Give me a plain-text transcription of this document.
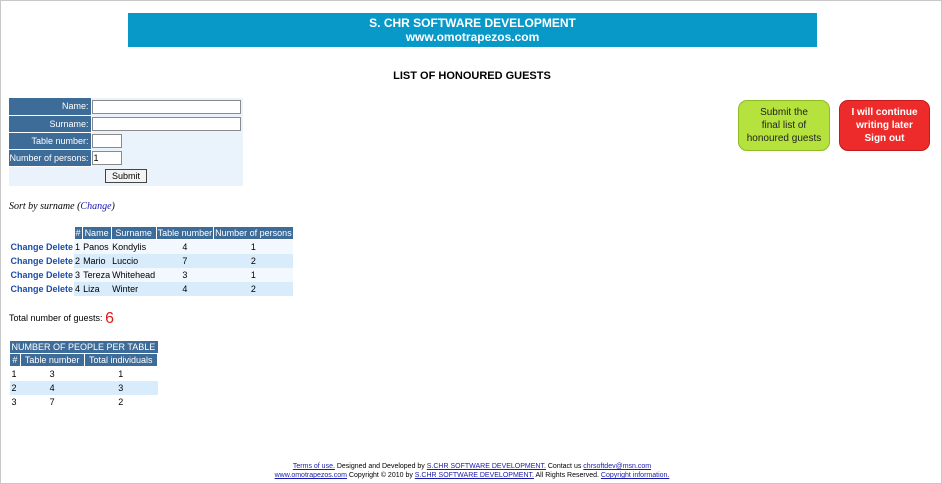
S. CHR SOFTWARE DEVELOPMENT
www.omotrapezos.com
LIST OF HONOURED GUESTS
Name:	
Surname:	
Table number:	
Number of persons:	1
Submit	
Submit the
final list of
honoured guests
I will continue
writing later
Sign out
Sort by surname (Change)
	#	Name	Surname	Table number	Number of persons
Change Delete	1	Panos	Kondylis	4	1
Change Delete	2	Mario	Luccio	7	2
Change Delete	3	Tereza	Whitehead	3	1
Change Delete	4	Liza	Winter	4	2
Total number of guests: 6
NUMBER OF PEOPLE PER TABLE		
#	Table number	Total individuals
1	3	1
2	4	3
3	7	2
Terms of use. Designed and Developed by S.CHR SOFTWARE DEVELOPMENT. Contact us chrsoftdev@msn.com
www.omotrapezos.com Copyright © 2010 by S.CHR SOFTWARE DEVELOPMENT. All Rights Reserved. Copyright information.
